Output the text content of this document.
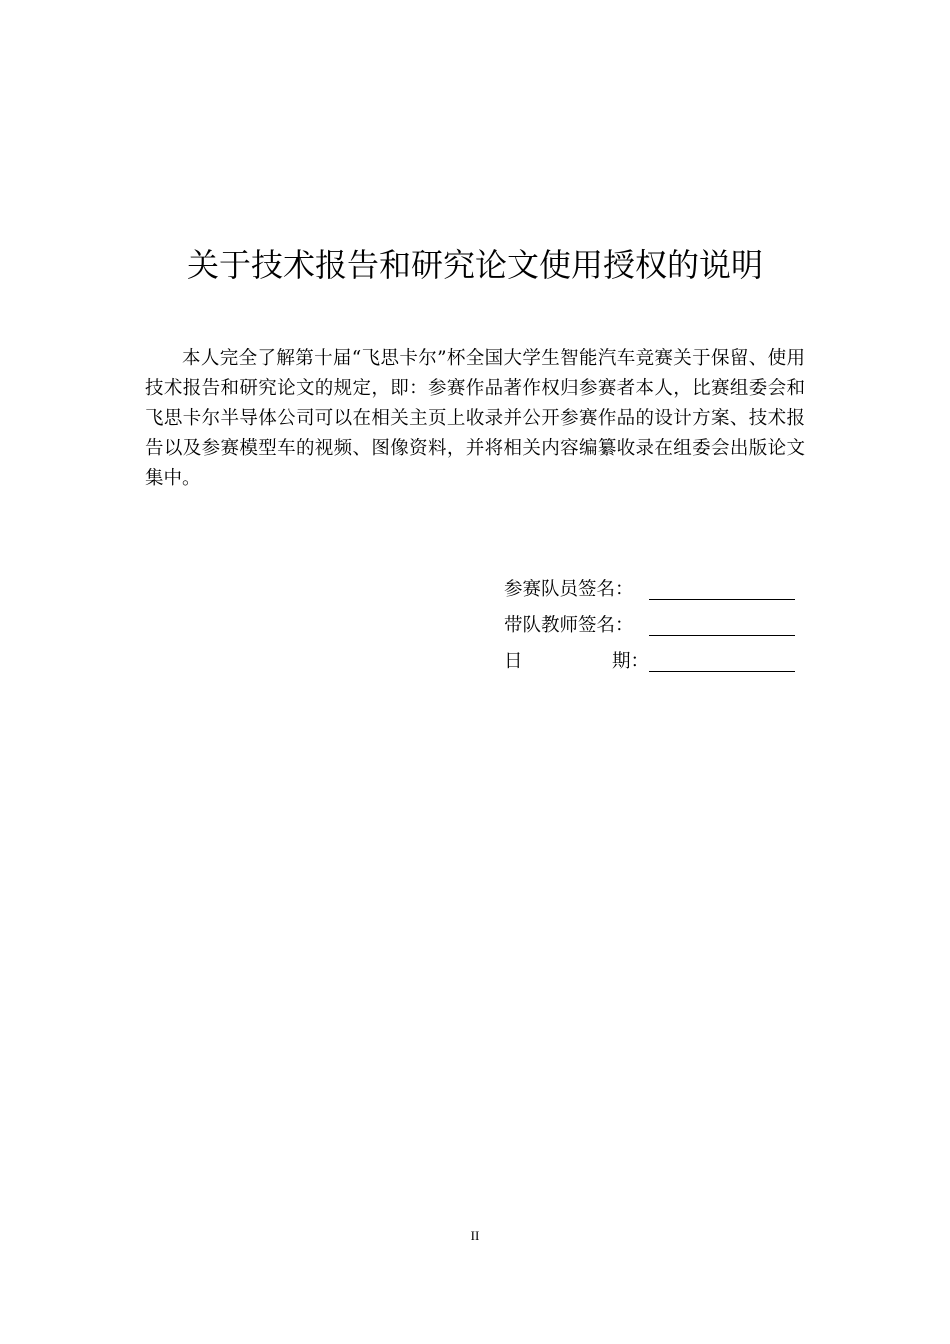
关于技术报告和研究论文使用授权的说明

本人完全了解第十届“飞思卡尔”杯全国大学生智能汽车竞赛关于保留、使用技术报告和研究论文的规定，即：参赛作品著作权归参赛者本人，比赛组委会和飞思卡尔半导体公司可以在相关主页上收录并公开参赛作品的设计方案、技术报告以及参赛模型车的视频、图像资料，并将相关内容编纂收录在组委会出版论文集中。

参赛队员签名：
带队教师签名：
日	期：
II
